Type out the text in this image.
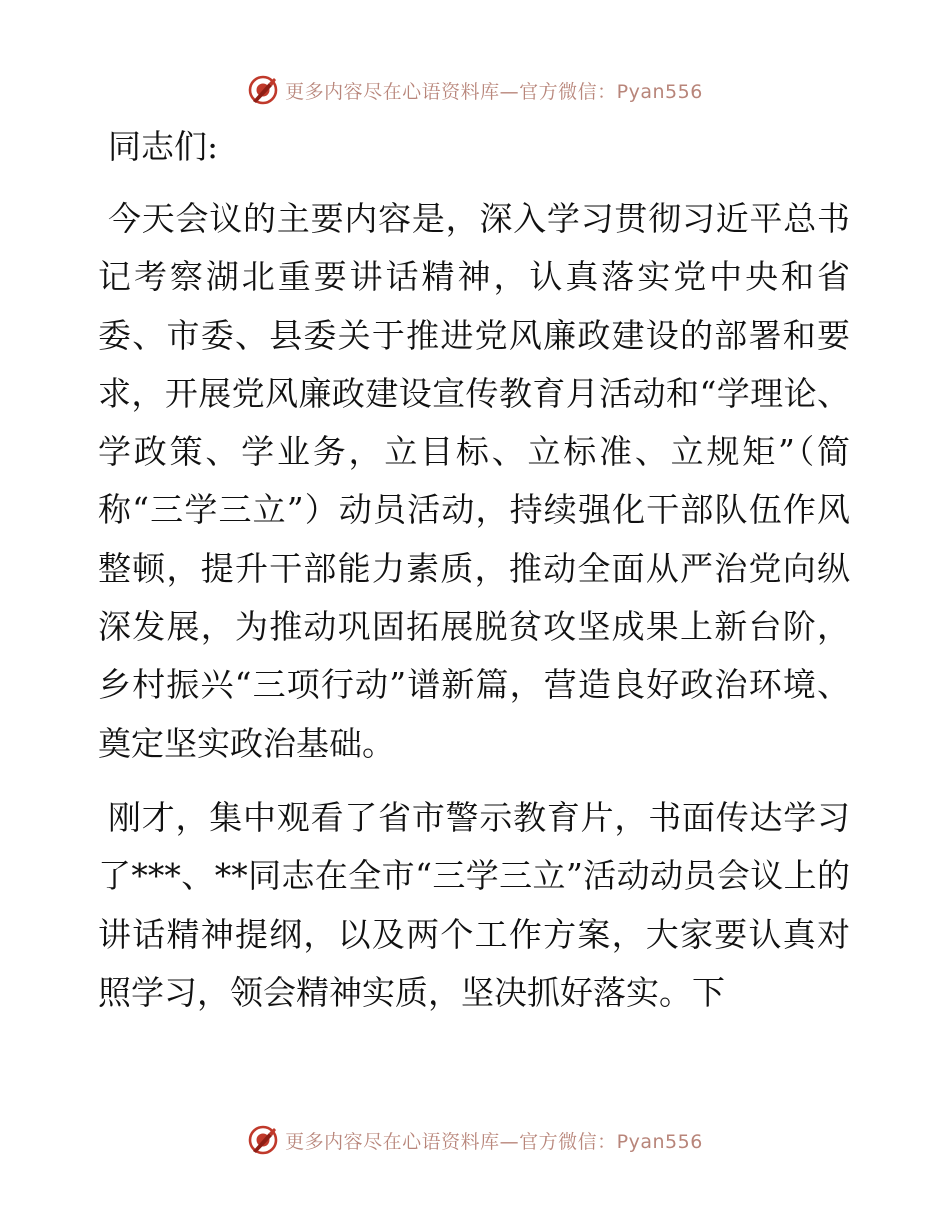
更多内容尽在心语资料库—官方微信：Pyan556
同志们:

今天会议的主要内容是，深入学习贯彻习近平总书记考察湖北重要讲话精神，认真落实党中央和省委、市委、县委关于推进党风廉政建设的部署和要求，开展党风廉政建设宣传教育月活动和“学理论、学政策、学业务，立目标、立标准、立规矩”（简称“三学三立”）动员活动，持续强化干部队伍作风整顿，提升干部能力素质，推动全面从严治党向纵深发展，为推动巩固拓展脱贫攻坚成果上新台阶，乡村振兴“三项行动”谱新篇，营造良好政治环境、奠定坚实政治基础。

刚才，集中观看了省市警示教育片，书面传达学习了***、**同志在全市“三学三立”活动动员会议上的讲话精神提纲，以及两个工作方案，大家要认真对照学习，领会精神实质，坚决抓好落实。下

更多内容尽在心语资料库—官方微信：Pyan556
